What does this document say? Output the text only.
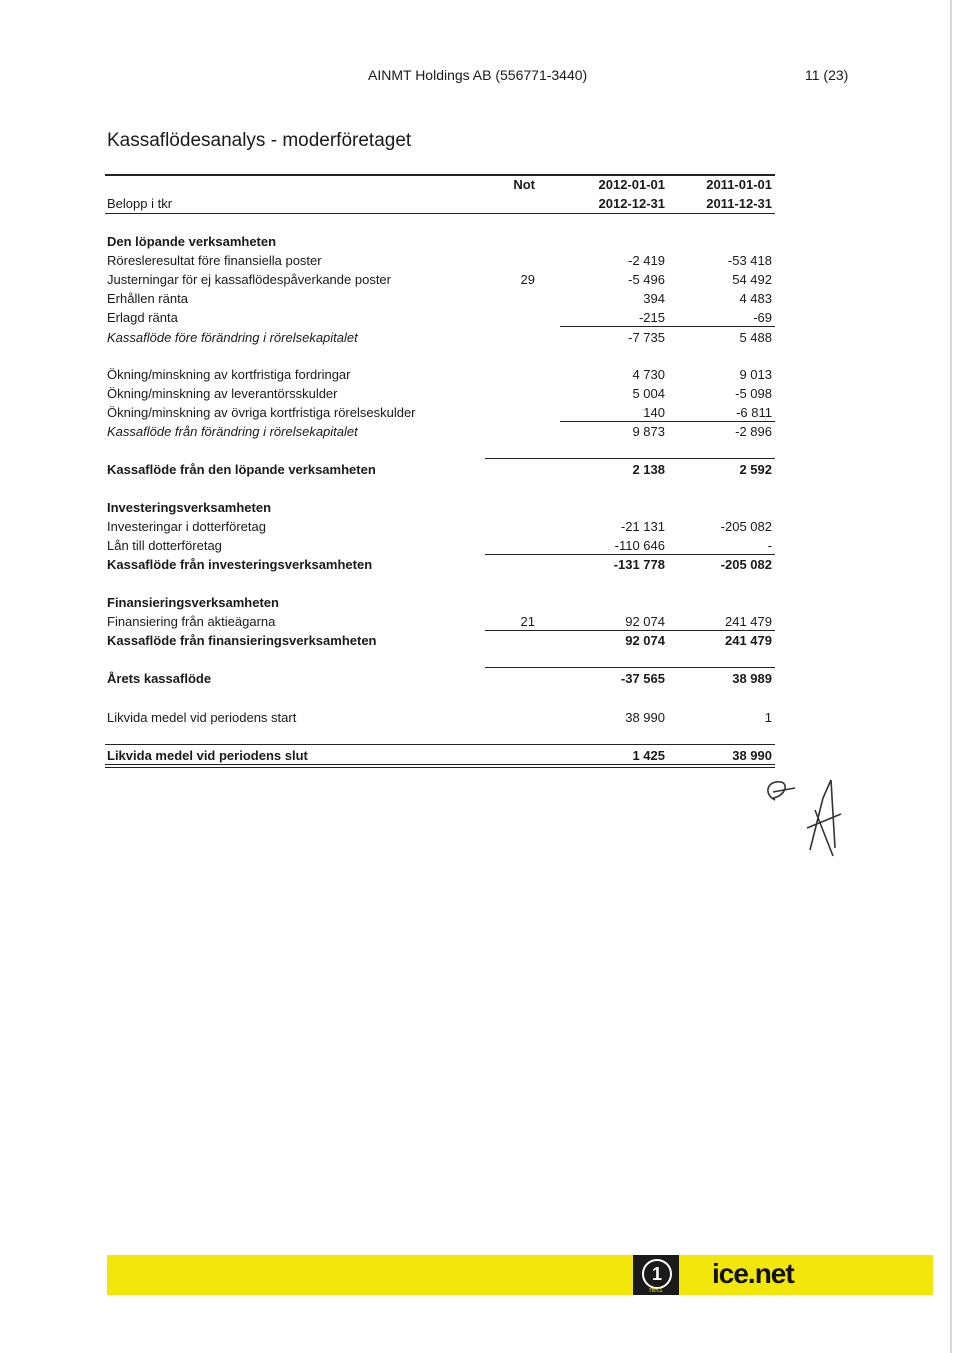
AINMT Holdings AB (556771-3440)	11 (23)
Kassaflödesanalys - moderföretaget
Not	2012-01-01	2011-01-01
Belopp i tkr	2012-12-31	2011-12-31
Den löpande verksamheten
Röresleresultat före finansiella poster	-2 419	-53 418
Justerningar för ej kassaflödespåverkande poster	29	-5 496	54 492
Erhållen ränta	394	4 483
Erlagd ränta	-215	-69
Kassaflöde före förändring i rörelsekapitalet	-7 735	5 488
Ökning/minskning av kortfristiga fordringar	4 730	9 013
Ökning/minskning av leverantörsskulder	5 004	-5 098
Ökning/minskning av övriga kortfristiga rörelseskulder	140	-6 811
Kassaflöde från förändring i rörelsekapitalet	9 873	-2 896
Kassaflöde från den löpande verksamheten	2 138	2 592
Investeringsverksamheten
Investeringar i dotterföretag	-21 131	-205 082
Lån till dotterföretag	-110 646	-
Kassaflöde från investeringsverksamheten	-131 778	-205 082
Finansieringsverksamheten
Finansiering från aktieägarna	21	92 074	241 479
Kassaflöde från finansieringsverksamheten	92 074	241 479
Årets kassaflöde	-37 565	38 989
Likvida medel vid periodens start	38 990	1
Likvida medel vid periodens slut	1 425	38 990
1
net1
ice.net
